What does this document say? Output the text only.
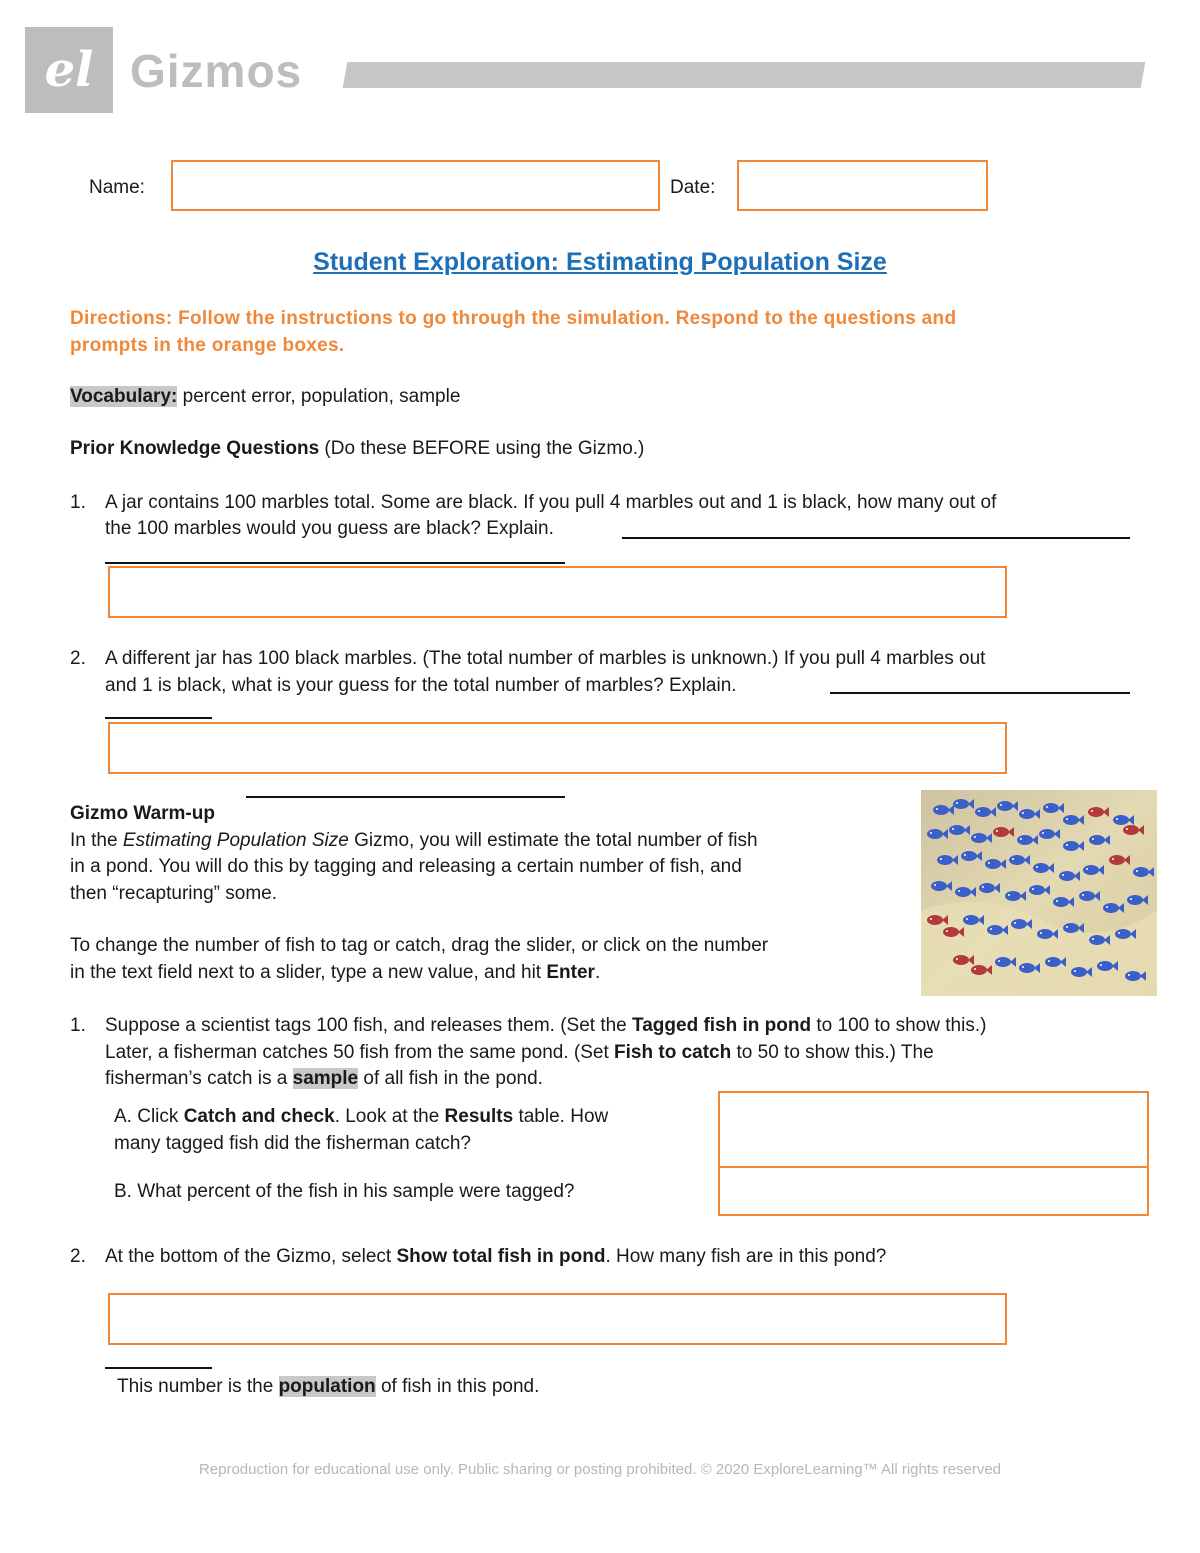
el Gizmos
Name:	Date:
Student Exploration: Estimating Population Size
Directions: Follow the instructions to go through the simulation. Respond to the questions and
prompts in the orange boxes.
Vocabulary: percent error, population, sample
Prior Knowledge Questions (Do these BEFORE using the Gizmo.)
1. A jar contains 100 marbles total. Some are black. If you pull 4 marbles out and 1 is black, how many out of
the 100 marbles would you guess are black? Explain.
2. A different jar has 100 black marbles. (The total number of marbles is unknown.) If you pull 4 marbles out
and 1 is black, what is your guess for the total number of marbles? Explain.
Gizmo Warm-up
In the Estimating Population Size Gizmo, you will estimate the total number of fish
in a pond. You will do this by tagging and releasing a certain number of fish, and
then “recapturing” some.
To change the number of fish to tag or catch, drag the slider, or click on the number
in the text field next to a slider, type a new value, and hit Enter.
1. Suppose a scientist tags 100 fish, and releases them. (Set the Tagged fish in pond to 100 to show this.)
Later, a fisherman catches 50 fish from the same pond. (Set Fish to catch to 50 to show this.) The
fisherman’s catch is a sample of all fish in the pond.
A. Click Catch and check. Look at the Results table. How
many tagged fish did the fisherman catch?
B. What percent of the fish in his sample were tagged?
2. At the bottom of the Gizmo, select Show total fish in pond. How many fish are in this pond?
This number is the population of fish in this pond.
Reproduction for educational use only. Public sharing or posting prohibited. © 2020 ExploreLearning™ All rights reserved
